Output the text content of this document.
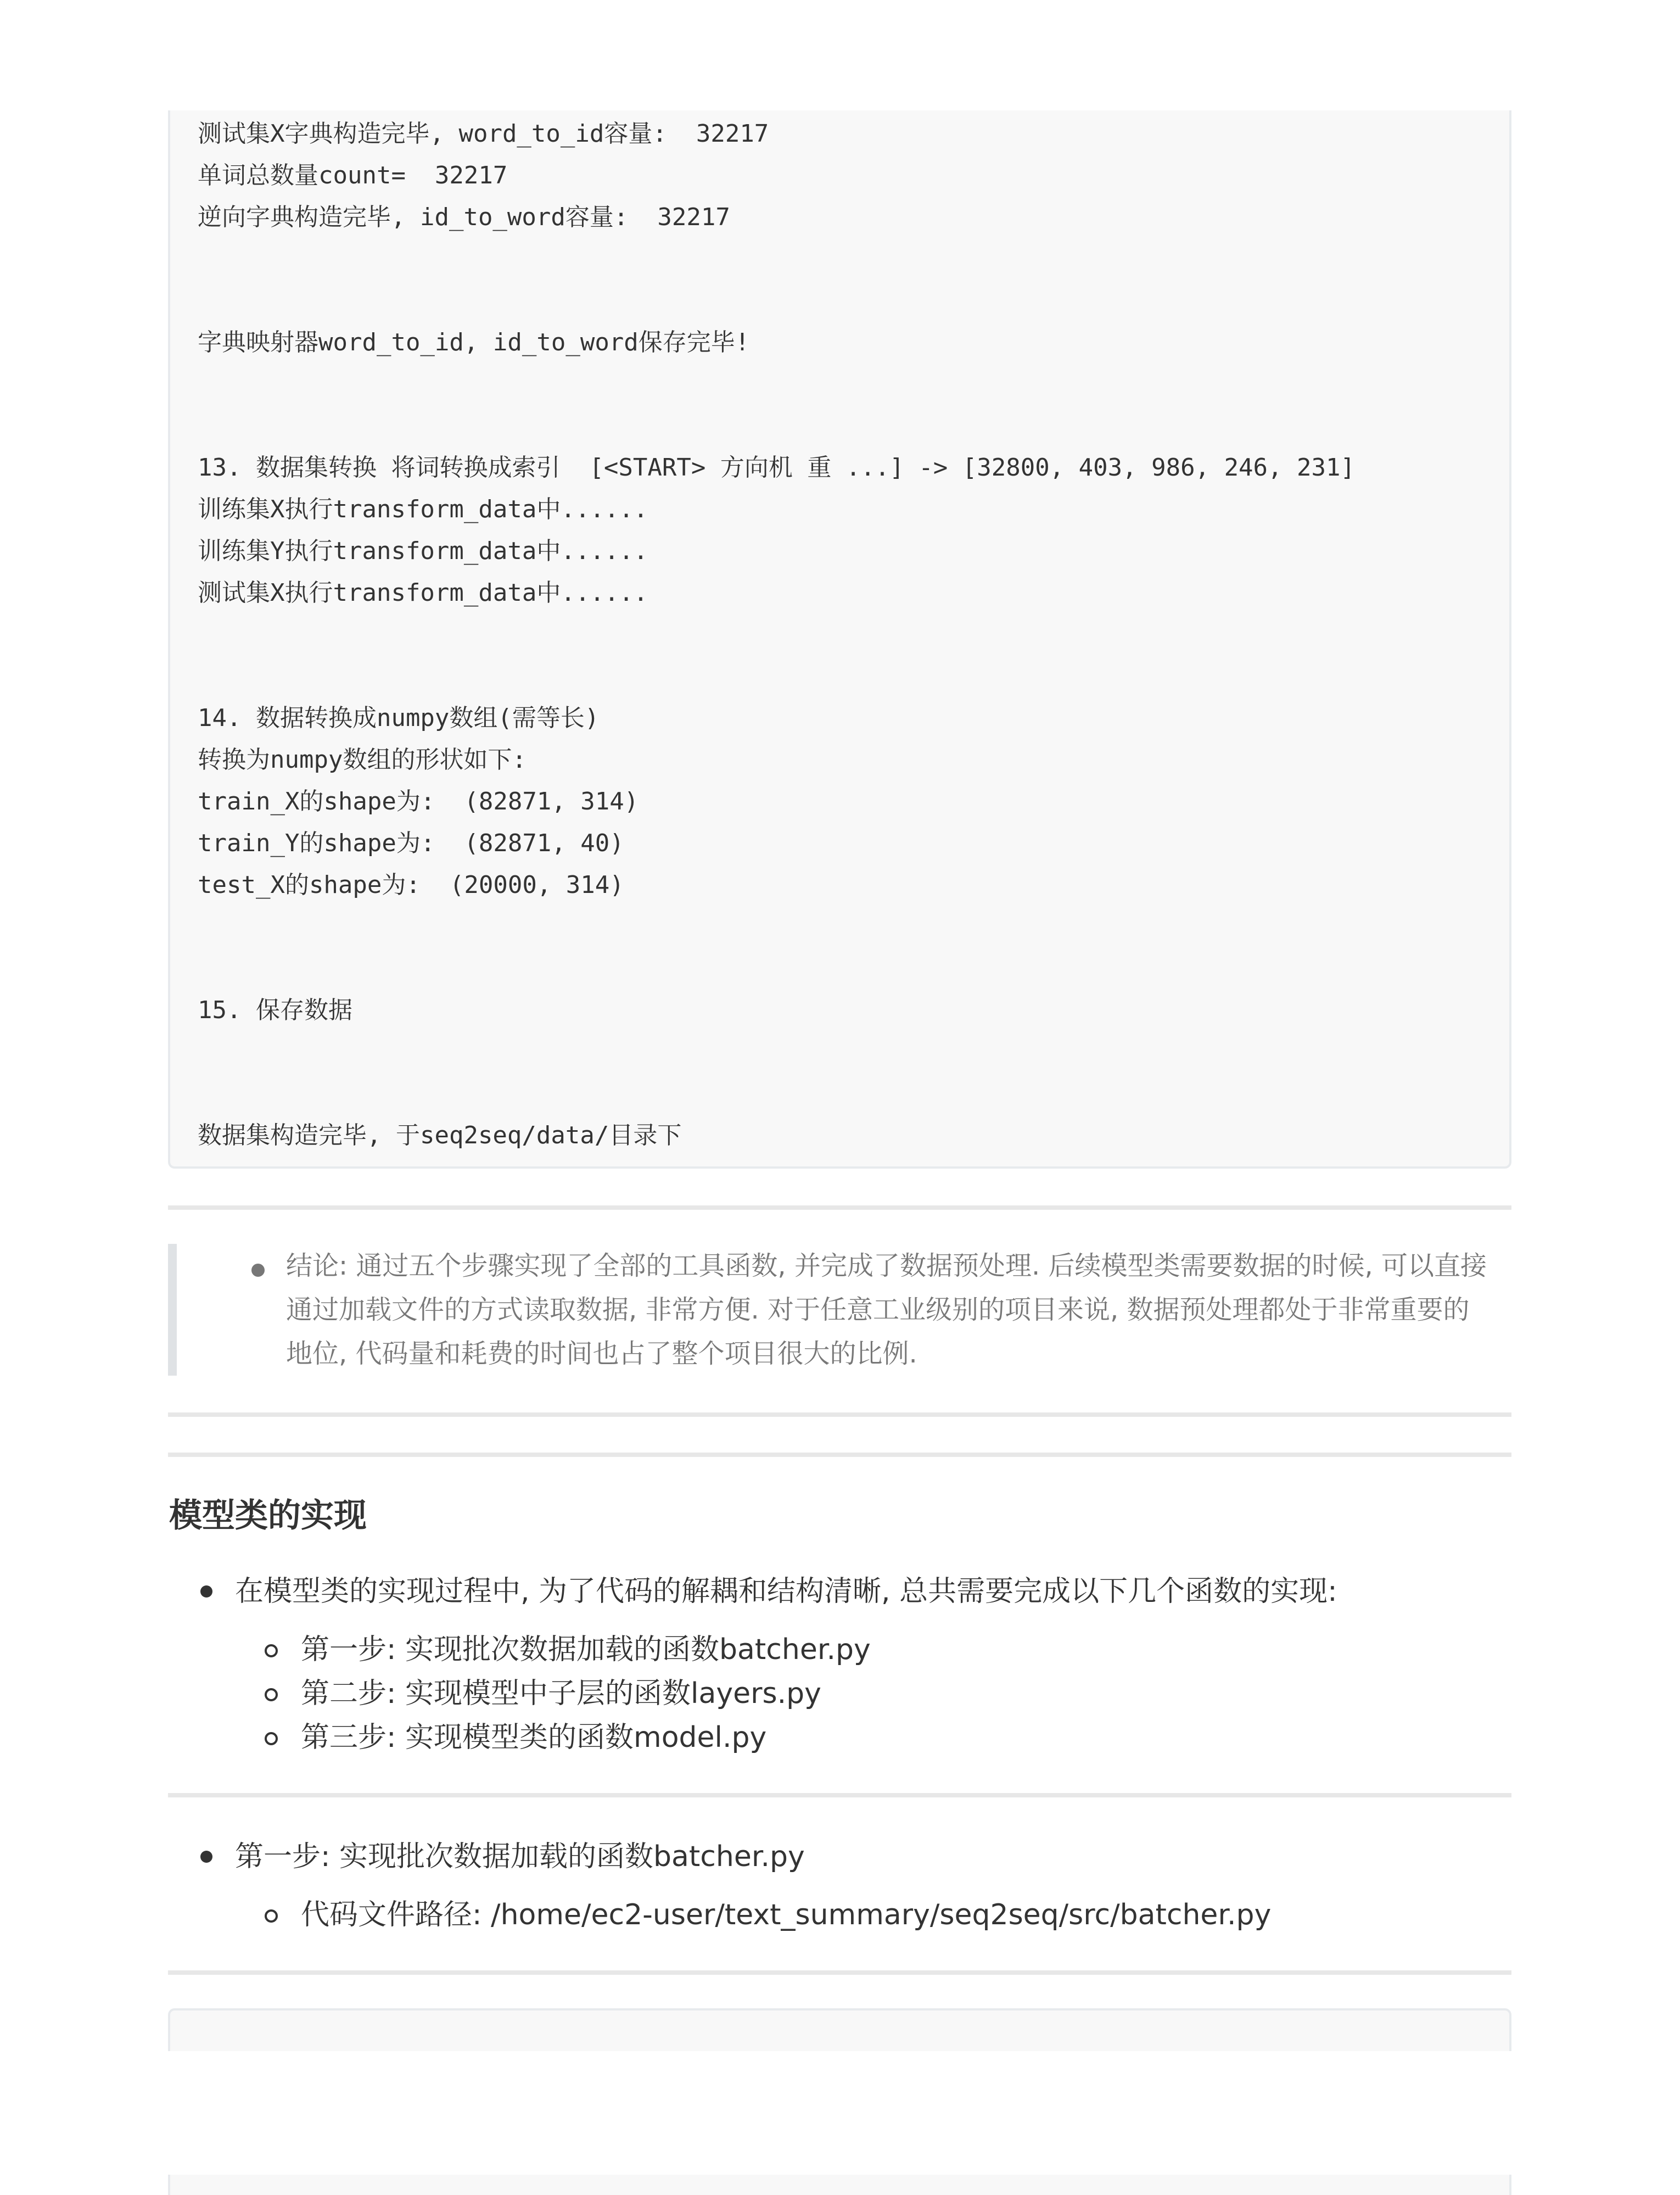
测试集X字典构造完毕, word_to_id容量:  32217
单词总数量count=  32217
逆向字典构造完毕, id_to_word容量:  32217
字典映射器word_to_id, id_to_word保存完毕!
13. 数据集转换 将词转换成索引  [<START> 方向机 重 ...] -> [32800, 403, 986, 246, 231]
训练集X执行transform_data中......
训练集Y执行transform_data中......
测试集X执行transform_data中......
14. 数据转换成numpy数组(需等长)
转换为numpy数组的形状如下:
train_X的shape为:  (82871, 314)
train_Y的shape为:  (82871, 40)
test_X的shape为:  (20000, 314)
15. 保存数据
数据集构造完毕, 于seq2seq/data/目录下
结论: 通过五个步骤实现了全部的工具函数, 并完成了数据预处理. 后续模型类需要数据的时候, 可以直接通过加载文件的方式读取数据, 非常方便. 对于任意工业级别的项目来说, 数据预处理都处于非常重要的地位, 代码量和耗费的时间也占了整个项目很大的比例.
模型类的实现
在模型类的实现过程中, 为了代码的解耦和结构清晰, 总共需要完成以下几个函数的实现:
第一步: 实现批次数据加载的函数batcher.py
第二步: 实现模型中子层的函数layers.py
第三步: 实现模型类的函数model.py
第一步: 实现批次数据加载的函数batcher.py
代码文件路径: /home/ec2-user/text_summary/seq2seq/src/batcher.py
